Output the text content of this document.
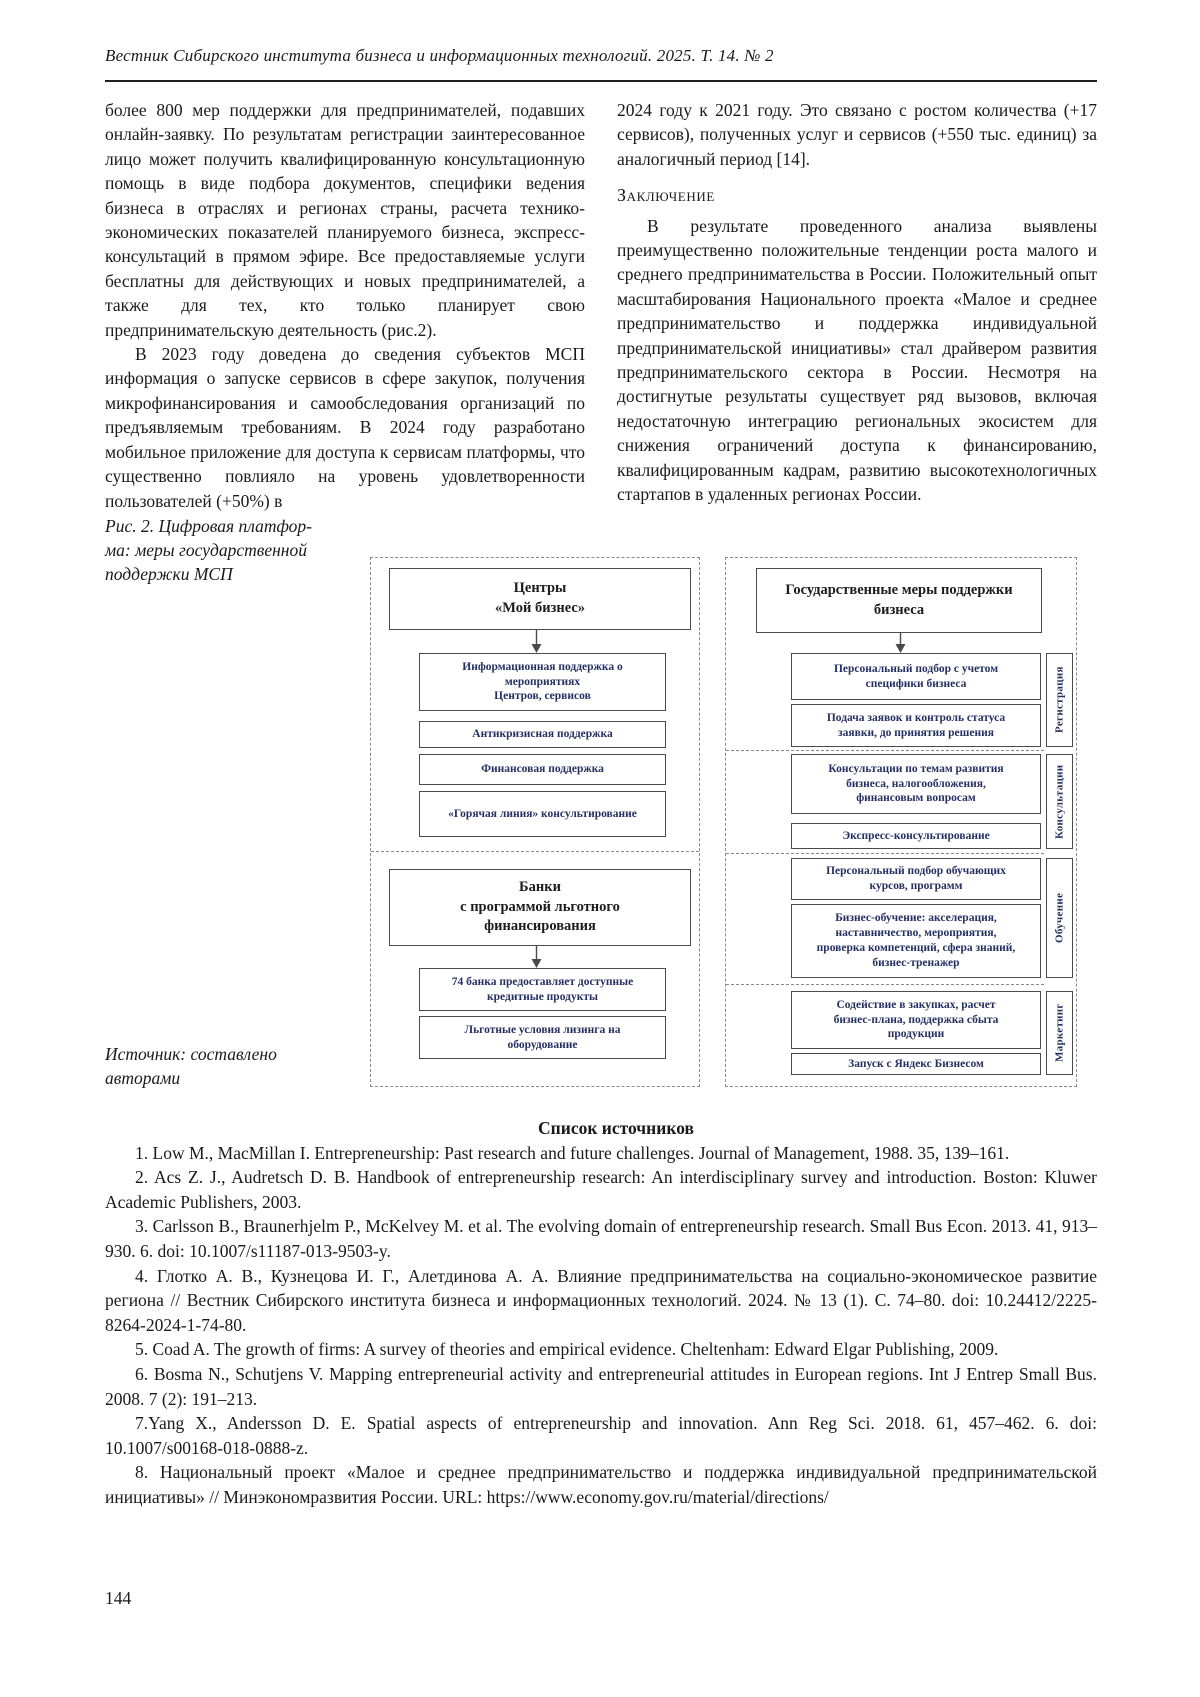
Вестник Сибирского института бизнеса и информационных технологий. 2025. Т. 14. № 2

более 800 мер поддержки для предпринимателей, подавших онлайн-заявку. По результатам регистрации заинтересованное лицо может получить квалифицированную консультационную помощь в виде подбора документов, специфики ведения бизнеса в отраслях и регионах страны, расчета технико-экономических показателей планируемого бизнеса, экспресс-консультаций в прямом эфире. Все предоставляемые услуги бесплатны для действующих и новых предпринимателей, а также для тех, кто только планирует свою предпринимательскую деятельность (рис.2).

В 2023 году доведена до сведения субъектов МСП информация о запуске сервисов в сфере закупок, получения микрофинансирования и самообследования организаций по предъявляемым требованиям. В 2024 году разработано мобильное приложение для доступа к сервисам платформы, что существенно повлияло на уровень удовлетворенности пользователей (+50%) в

2024 году к 2021 году. Это связано с ростом количества (+17 сервисов), полученных услуг и сервисов (+550 тыс. единиц) за аналогичный период [14].

Заключение

В результате проведенного анализа выявлены преимущественно положительные тенденции роста малого и среднего предпринимательства в России. Положительный опыт масштабирования Национального проекта «Малое и среднее предпринимательство и поддержка индивидуальной предпринимательской инициативы» стал драйвером развития предпринимательского сектора в России. Несмотря на достигнутые результаты существует ряд вызовов, включая недостаточную интеграцию региональных экосистем для снижения ограничений доступа к финансированию, квалифицированным кадрам, развитию высокотехнологичных стартапов в удаленных регионах России.

Рис. 2. Цифровая платфор-
ма: меры государственной
поддержки МСП
Источник: составлено
авторами
Центры
«Мой бизнес»
Информационная поддержка о
мероприятиях
Центров, сервисов
Антикризисная поддержка
Финансовая поддержка
«Горячая линия» консультирование
Банки
с программой льготного
финансирования
74 банка предоставляет доступные
кредитные продукты
Льготные условия лизинга на
оборудование
Государственные меры поддержки
бизнеса
Персональный подбор с учетом
специфики бизнеса
Подача заявок и контроль статуса
заявки, до принятия решения
Консультации по темам развития
бизнеса, налогообложения,
финансовым вопросам
Экспресс-консультирование
Персональный подбор обучающих
курсов, программ
Бизнес-обучение: акселерация,
наставничество, мероприятия,
проверка компетенций, сфера знаний,
бизнес-тренажер
Содействие в закупках, расчет
бизнес-плана, поддержка сбыта
продукции
Запуск с Яндекс Бизнесом
Регистрация
Консультации
Обучение
Маркетинг

Список источников

1. Low M., MacMillan I. Entrepreneurship: Past research and future challenges. Journal of Management, 1988. 35, 139–161.

2. Acs Z. J., Audretsch D. B. Handbook of entrepreneurship research: An interdisciplinary survey and introduction. Boston: Kluwer Academic Publishers, 2003.

3. Carlsson B., Braunerhjelm P., McKelvey M. et al. The evolving domain of entrepreneurship research. Small Bus Econ. 2013. 41, 913–930. 6. doi: 10.1007/s11187-013-9503-y.

4. Глотко А. В., Кузнецова И. Г., Алетдинова А. А. Влияние предпринимательства на социально-экономическое развитие региона // Вестник Сибирского института бизнеса и информационных технологий. 2024. № 13 (1). С. 74–80. doi: 10.24412/2225-8264-2024-1-74-80.

5. Coad A. The growth of firms: A survey of theories and empirical evidence. Cheltenham: Edward Elgar Publishing, 2009.

6. Bosma N., Schutjens V. Mapping entrepreneurial activity and entrepreneurial attitudes in European regions. Int J Entrep Small Bus. 2008. 7 (2): 191–213.

7.Yang X., Andersson D. E. Spatial aspects of entrepreneurship and innovation. Ann Reg Sci. 2018. 61, 457–462. 6. doi: 10.1007/s00168-018-0888-z.

8. Национальный проект «Малое и среднее предпринимательство и поддержка индивидуальной предпринимательской инициативы» // Минэкономразвития России. URL: https://www.economy.gov.ru/material/directions/

144
